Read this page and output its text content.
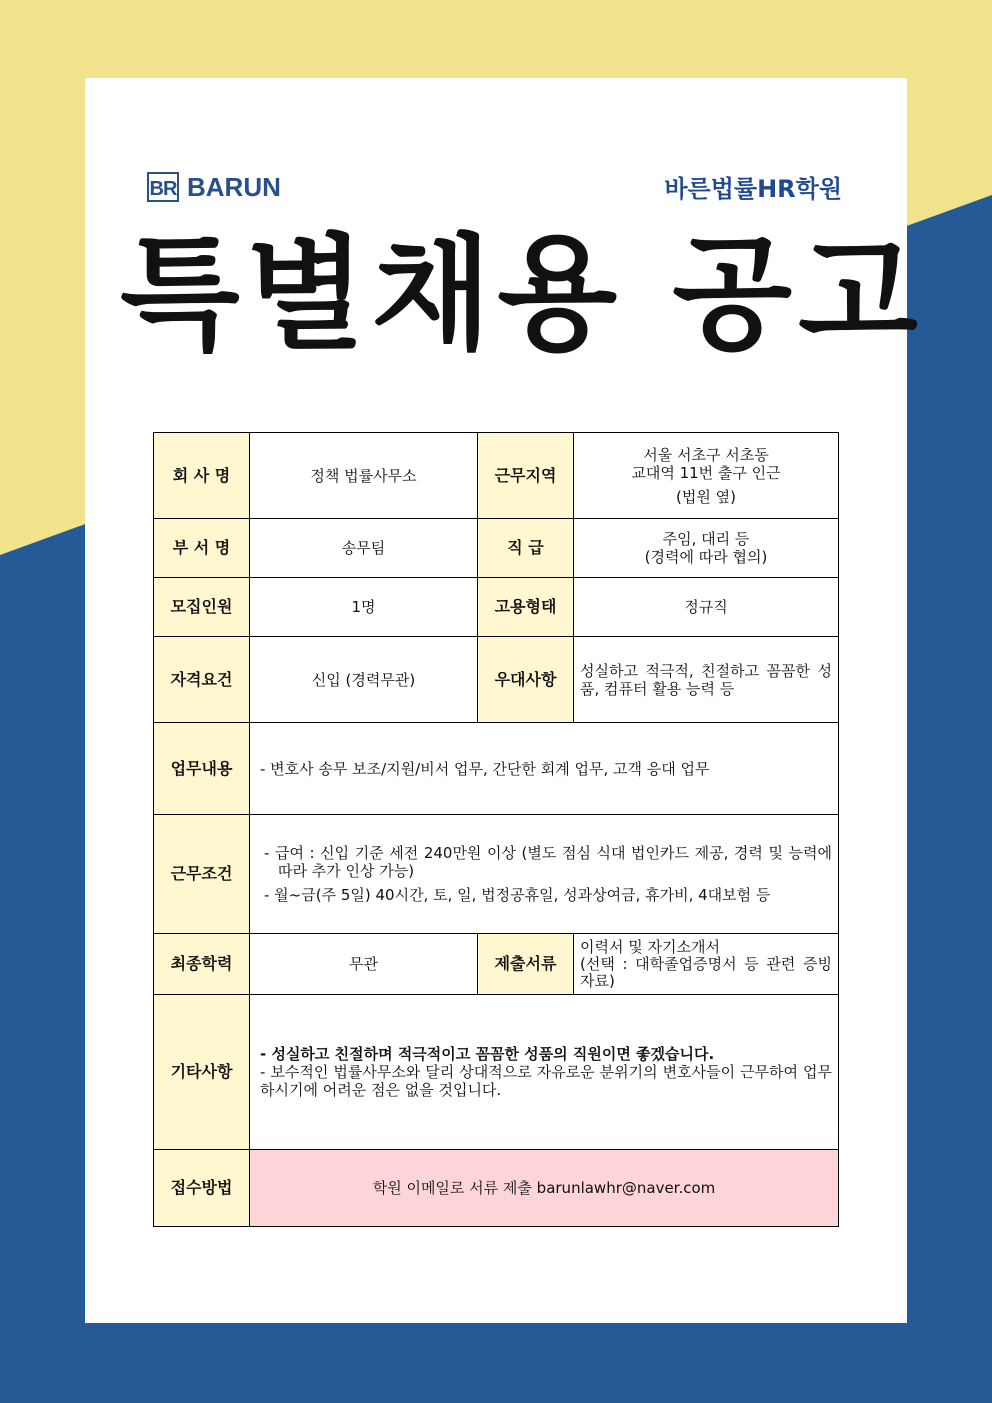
BR BARUN	바른법률HR학원
특별채용 공고
회 사 명	정책 법률사무소	근무지역	서울 서초구 서초동
교대역 11번 출구 인근
(법원 옆)

부 서 명	송무팀	직 급	주임, 대리 등
(경력에 따라 협의)

모집인원	1명	고용형태	정규직
자격요건	신입 (경력무관)	우대사항	성실하고 적극적, 친절하고 꼼꼼한 성품, 컴퓨터 활용 능력 등
업무내용	- 변호사 송무 보조/지원/비서 업무, 간단한 회계 업무, 고객 응대 업무		
근무조건	- 급여 : 신입 기준 세전 240만원 이상 (별도 점심 식대 법인카드 제공, 경력 및 능력에 따라 추가 인상 가능)
- 월~금(주 5일) 40시간, 토, 일, 법정공휴일, 성과상여금, 휴가비, 4대보험 등		

최종학력	무관	제출서류	이력서 및 자기소개서
(선택 : 대학졸업증명서 등 관련 증빙자료)

기타사항	- 성실하고 친절하며 적극적이고 꼼꼼한 성품의 직원이면 좋겠습니다.
- 보수적인 법률사무소와 달리 상대적으로 자유로운 분위기의 변호사들이 근무하여 업무하시기에 어려운 점은 없을 것입니다.		

접수방법	학원 이메일로 서류 제출 barunlawhr@naver.com		
